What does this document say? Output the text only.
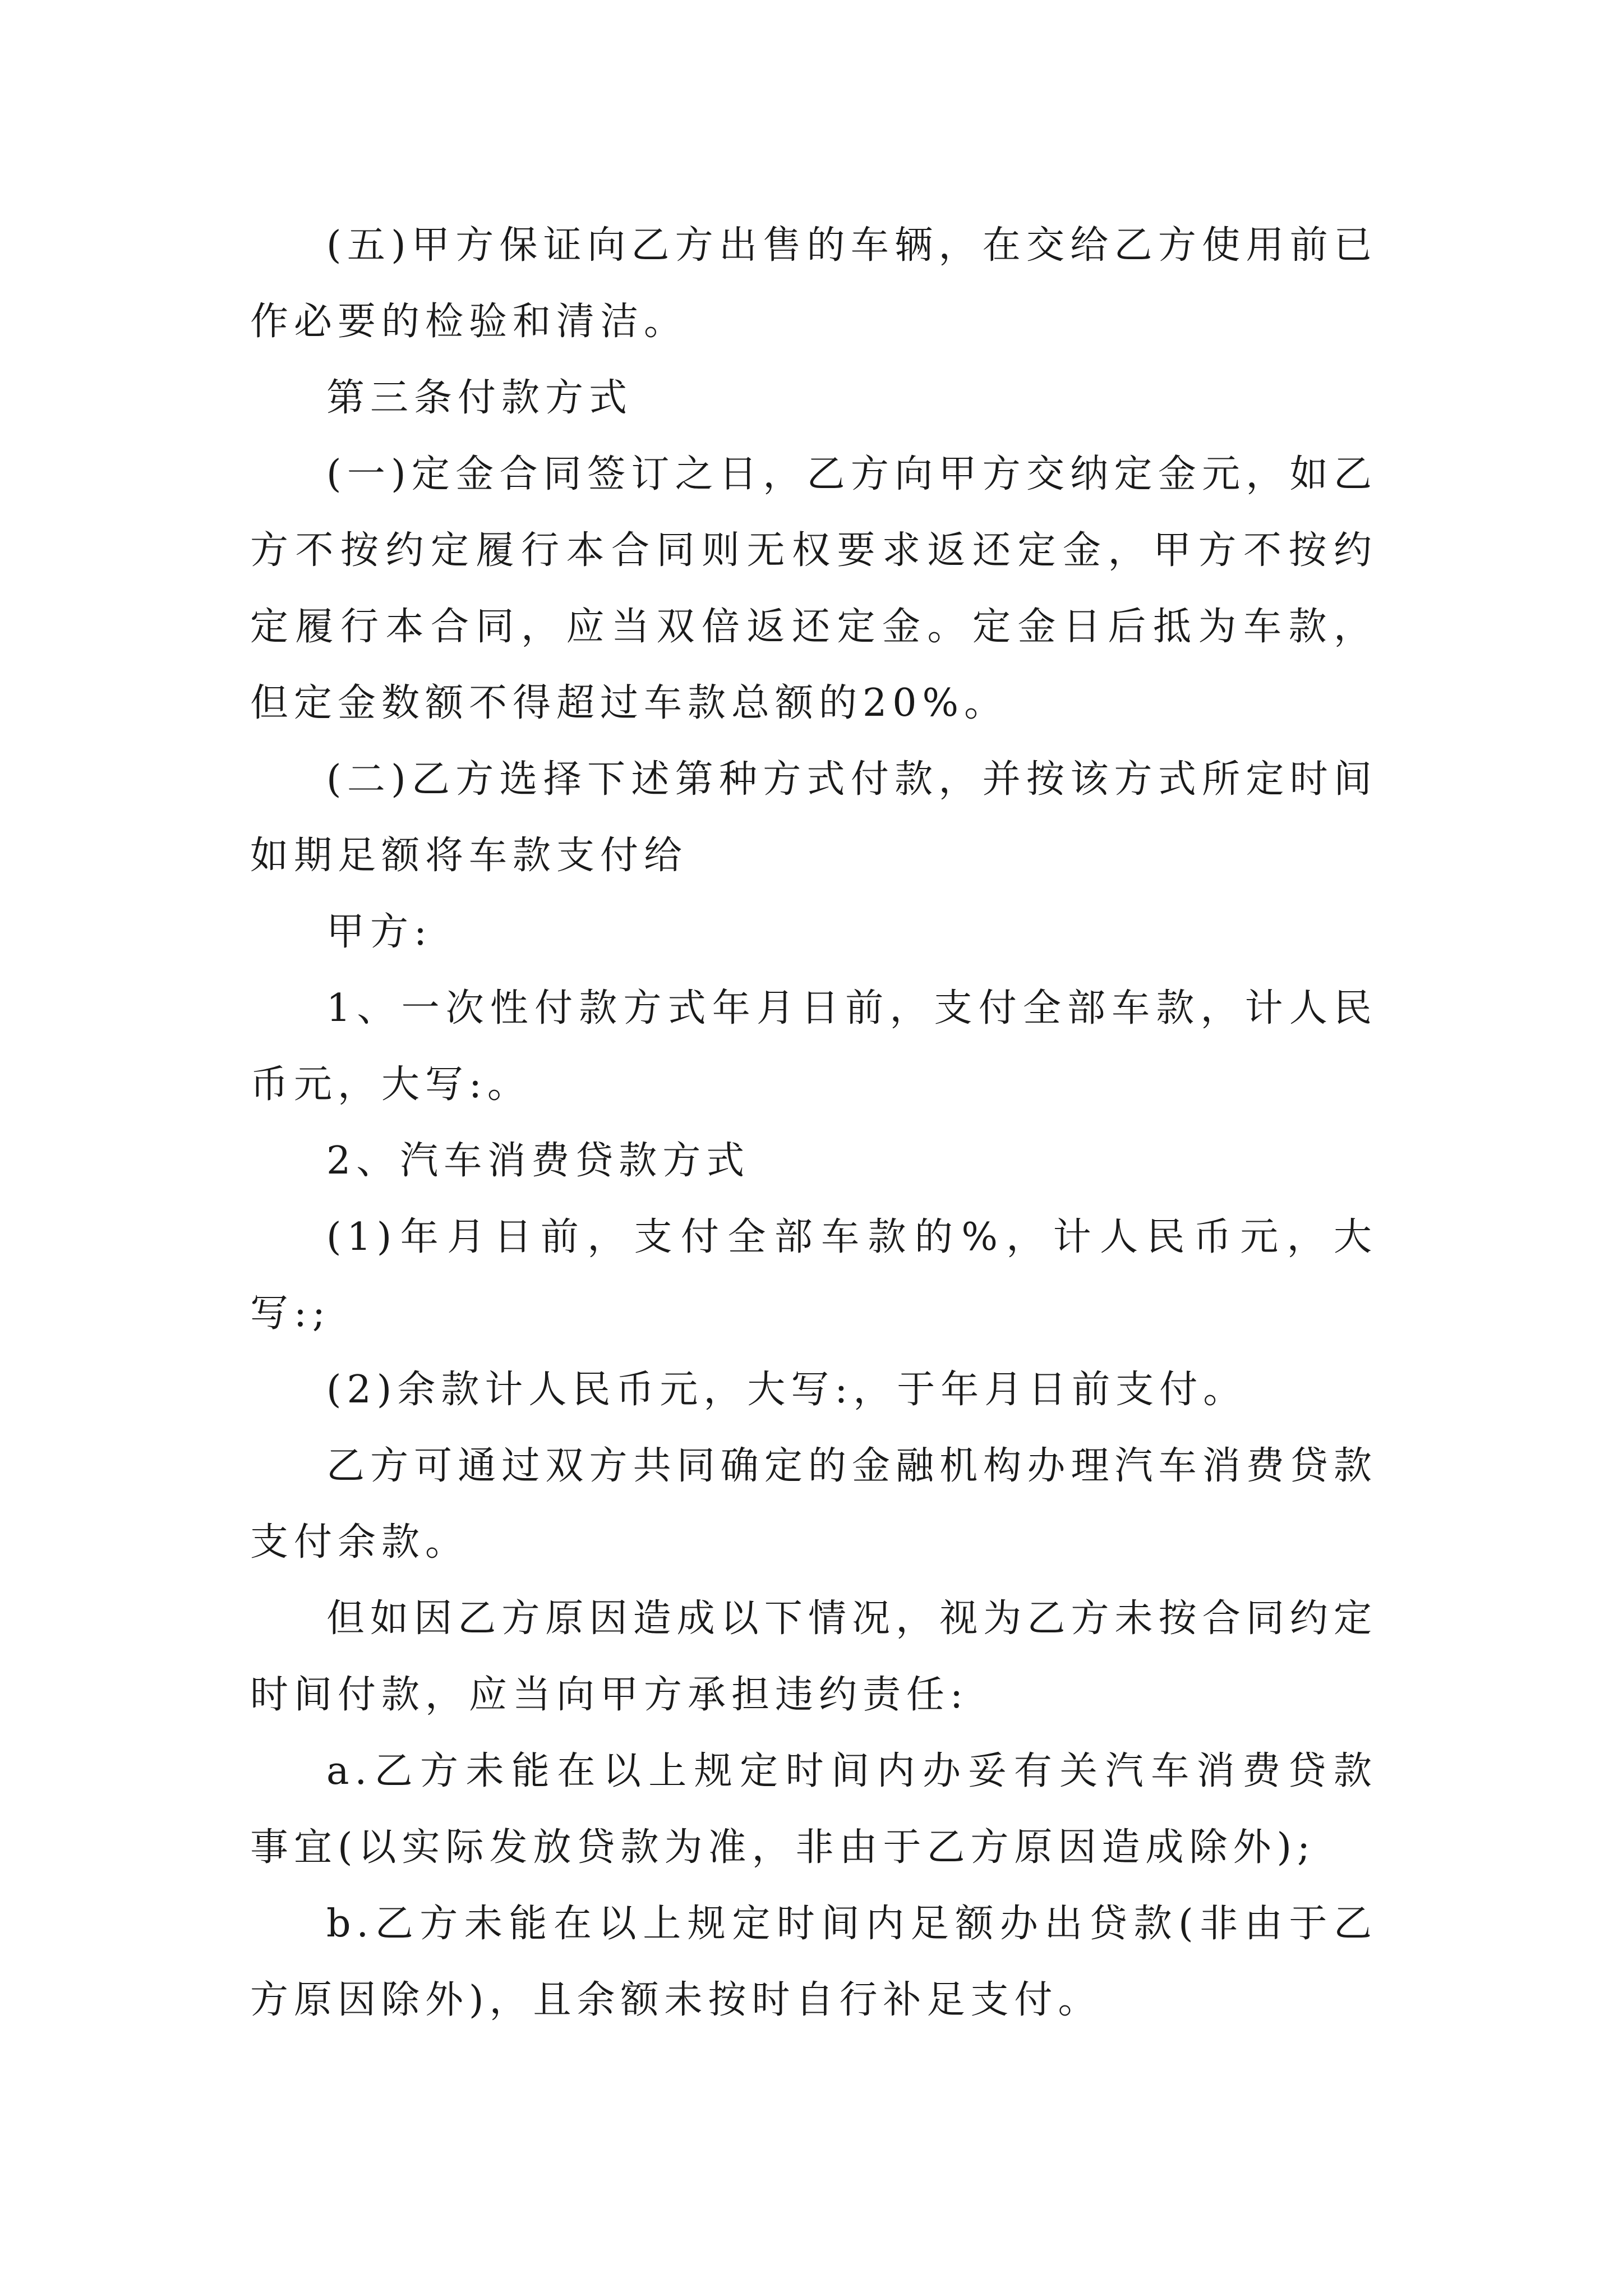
(五)甲方保证向乙方出售的车辆，在交给乙方使用前已作必要的检验和清洁。

第三条付款方式

(一)定金合同签订之日，乙方向甲方交纳定金元，如乙方不按约定履行本合同则无权要求返还定金，甲方不按约定履行本合同，应当双倍返还定金。定金日后抵为车款，但定金数额不得超过车款总额的20%。

(二)乙方选择下述第种方式付款，并按该方式所定时间如期足额将车款支付给

甲方:

1、一次性付款方式年月日前，支付全部车款，计人民币元，大写:。

2、汽车消费贷款方式

(1)年月日前，支付全部车款的%，计人民币元，大写:;

(2)余款计人民币元，大写:，于年月日前支付。

乙方可通过双方共同确定的金融机构办理汽车消费贷款支付余款。

但如因乙方原因造成以下情况，视为乙方未按合同约定时间付款，应当向甲方承担违约责任:

a.乙方未能在以上规定时间内办妥有关汽车消费贷款事宜(以实际发放贷款为准，非由于乙方原因造成除外);

b.乙方未能在以上规定时间内足额办出贷款(非由于乙方原因除外)，且余额未按时自行补足支付。
